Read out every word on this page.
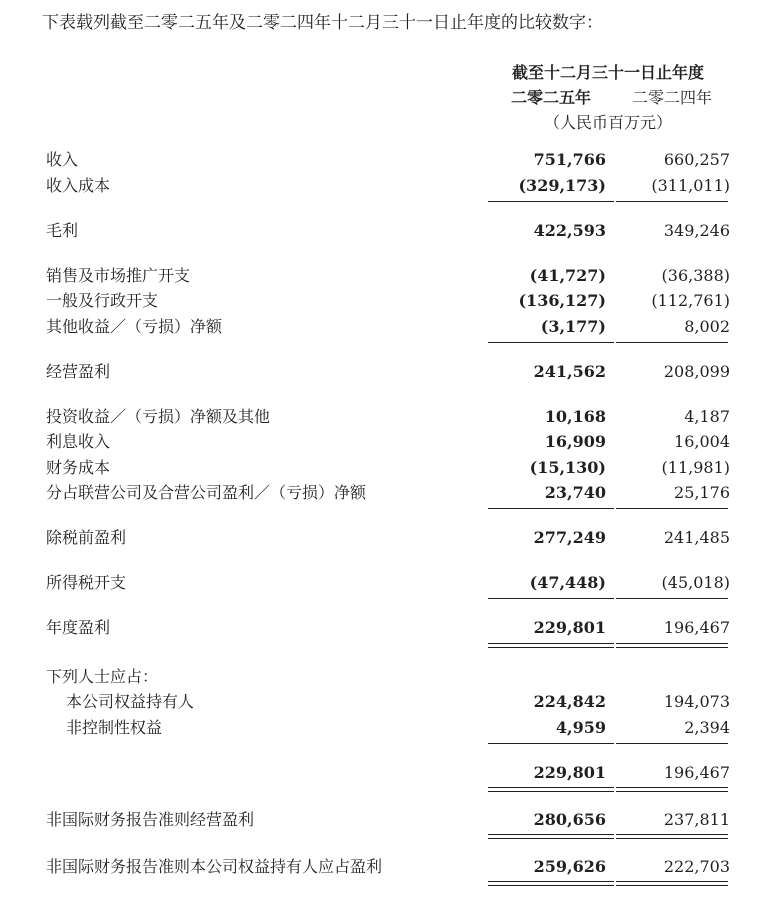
下表载列截至二零二五年及二零二四年十二月三十一日止年度的比较数字：
截至十二月三十一日止年度
二零二五年	二零二四年
（人民币百万元）
收入	751,766	660,257
收入成本	(329,173)	(311,011)
毛利	422,593	349,246
销售及市场推广开支	(41,727)	(36,388)
一般及行政开支	(136,127)	(112,761)
其他收益／（亏损）净额	(3,177)	8,002
经营盈利	241,562	208,099
投资收益／（亏损）净额及其他	10,168	4,187
利息收入	16,909	16,004
财务成本	(15,130)	(11,981)
分占联营公司及合营公司盈利／（亏损）净额	23,740	25,176
除税前盈利	277,249	241,485
所得税开支	(47,448)	(45,018)
年度盈利	229,801	196,467
下列人士应占：
本公司权益持有人	224,842	194,073
非控制性权益	4,959	2,394
229,801	196,467
非国际财务报告准则经营盈利	280,656	237,811
非国际财务报告准则本公司权益持有人应占盈利	259,626	222,703
